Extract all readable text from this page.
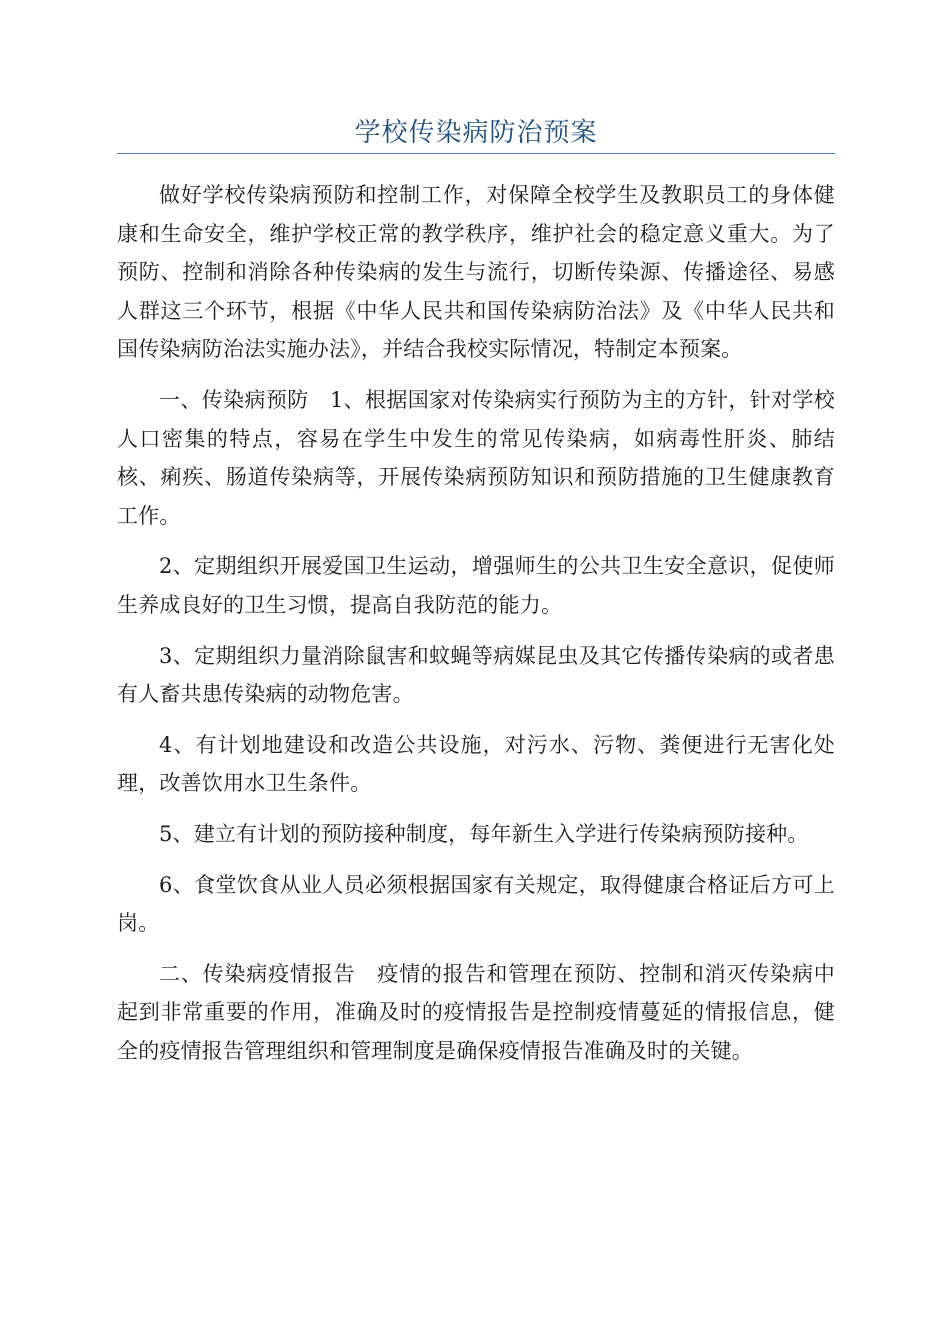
学校传染病防治预案

做好学校传染病预防和控制工作，对保障全校学生及教职员工的身体健康和生命安全，维护学校正常的教学秩序，维护社会的稳定意义重大。为了预防、控制和消除各种传染病的发生与流行，切断传染源、传播途径、易感人群这三个环节，根据《中华人民共和国传染病防治法》及《中华人民共和国传染病防治法实施办法》，并结合我校实际情况，特制定本预案。

一、传染病预防　1、根据国家对传染病实行预防为主的方针，针对学校人口密集的特点，容易在学生中发生的常见传染病，如病毒性肝炎、肺结核、痢疾、肠道传染病等，开展传染病预防知识和预防措施的卫生健康教育工作。

2、定期组织开展爱国卫生运动，增强师生的公共卫生安全意识，促使师生养成良好的卫生习惯，提高自我防范的能力。

3、定期组织力量消除鼠害和蚊蝇等病媒昆虫及其它传播传染病的或者患有人畜共患传染病的动物危害。

4、有计划地建设和改造公共设施，对污水、污物、粪便进行无害化处理，改善饮用水卫生条件。

5、建立有计划的预防接种制度，每年新生入学进行传染病预防接种。

6、食堂饮食从业人员必须根据国家有关规定，取得健康合格证后方可上岗。

二、传染病疫情报告　疫情的报告和管理在预防、控制和消灭传染病中起到非常重要的作用，准确及时的疫情报告是控制疫情蔓延的情报信息，健全的疫情报告管理组织和管理制度是确保疫情报告准确及时的关键。
